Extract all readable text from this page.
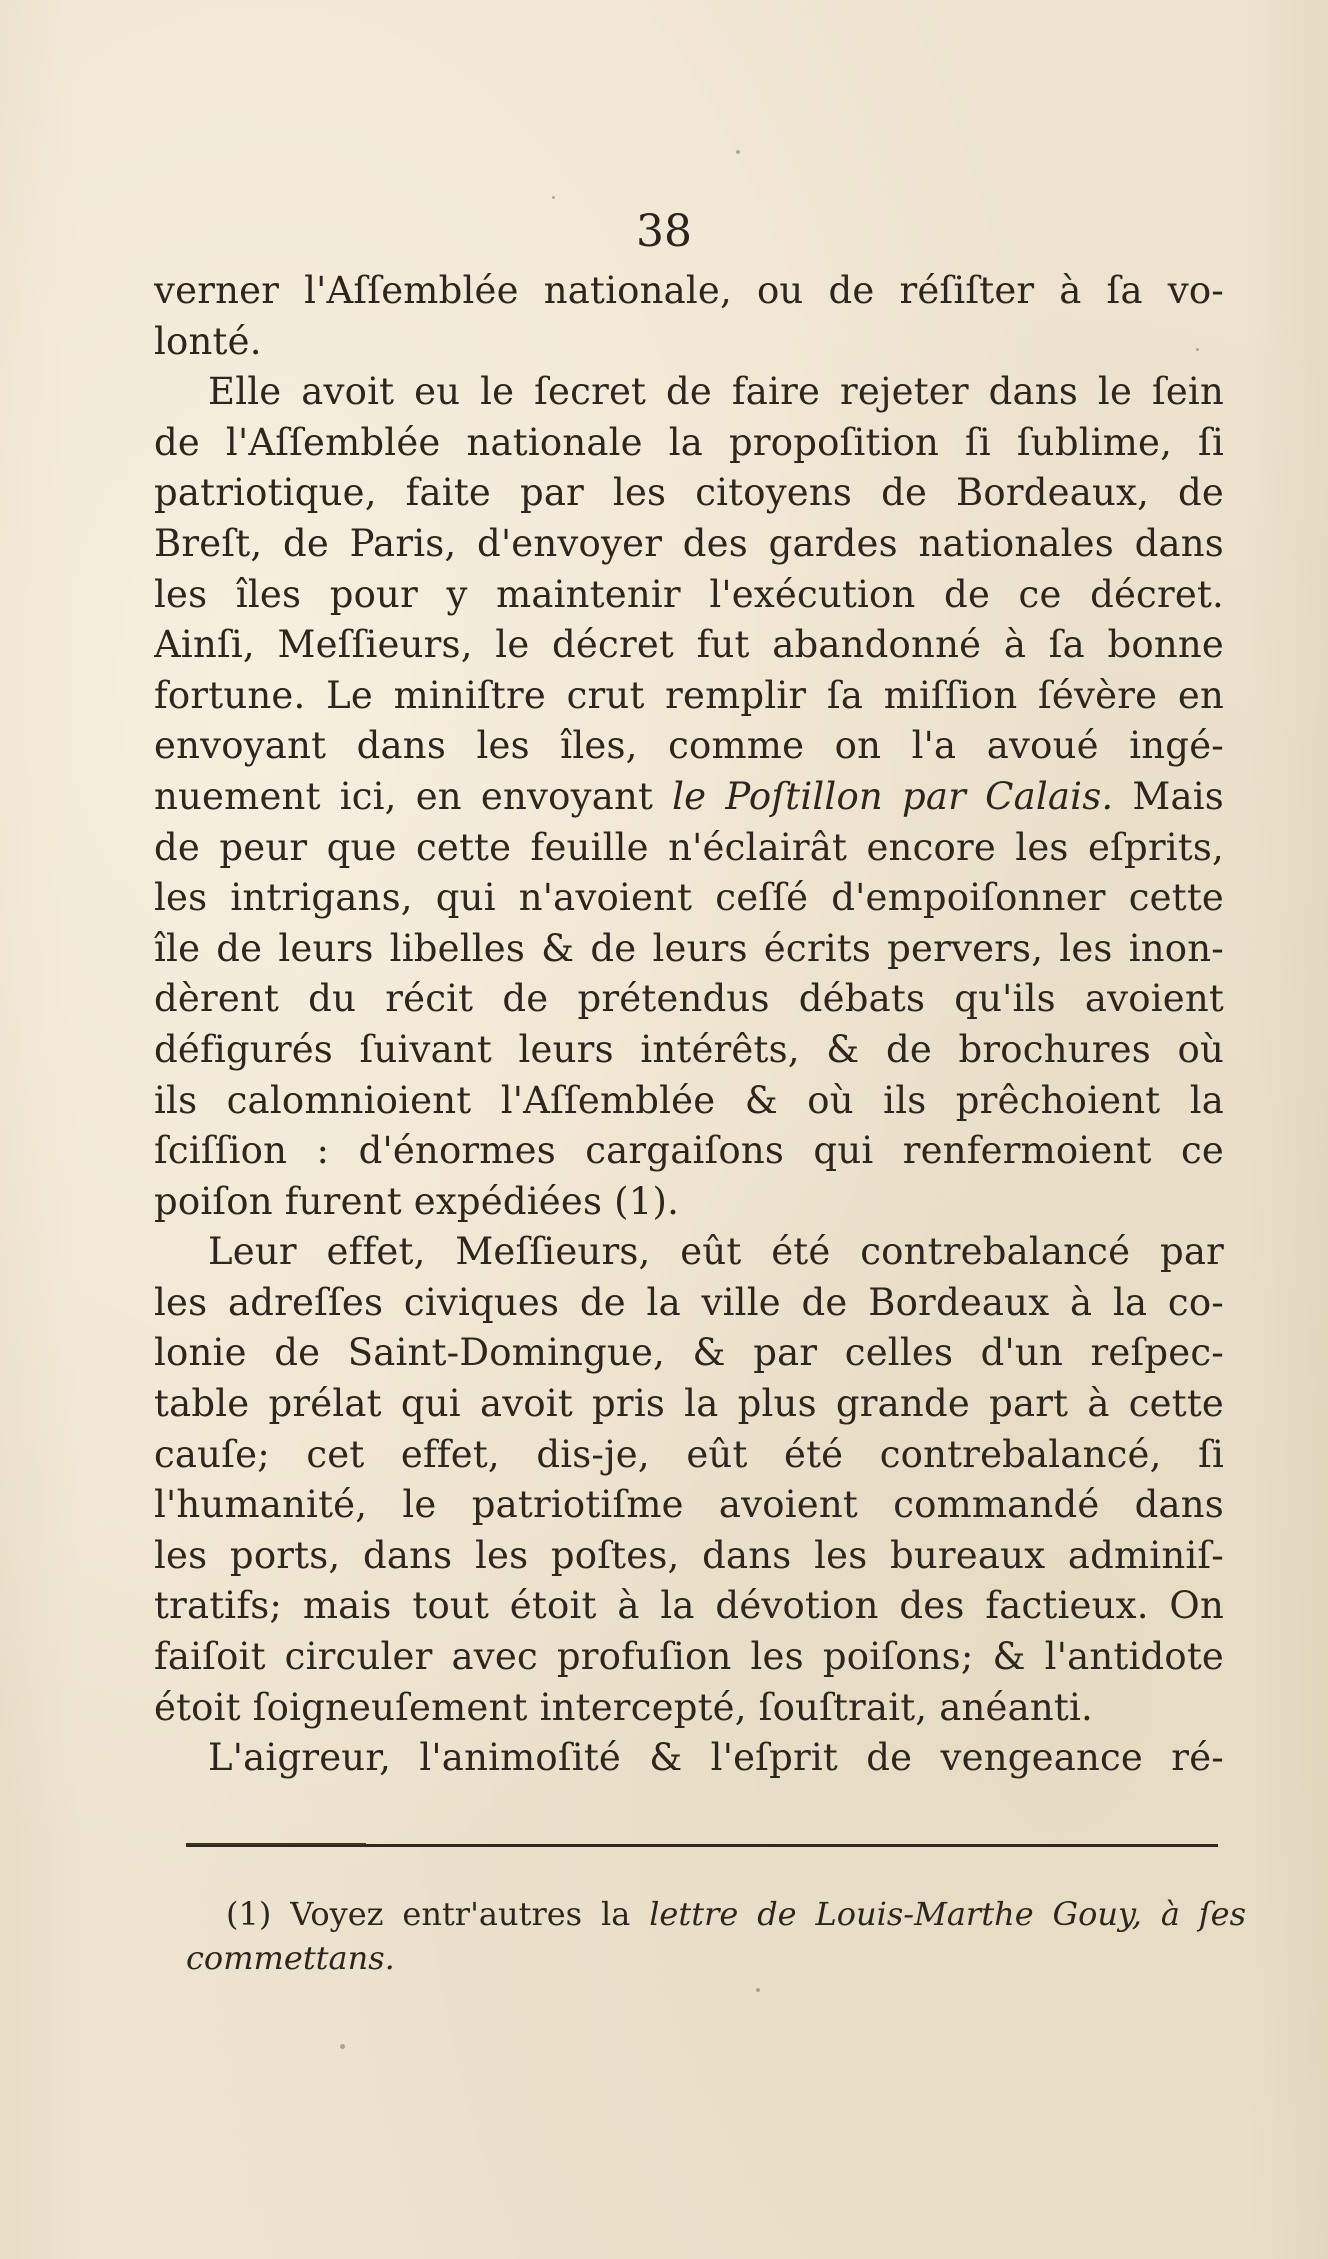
38
verner l'Aſſemblée nationale, ou de réſiſter à ſa vo-
lonté.
Elle avoit eu le ſecret de faire rejeter dans le ſein
de l'Aſſemblée nationale la propoſition ſi ſublime, ſi
patriotique, faite par les citoyens de Bordeaux, de
Breſt, de Paris, d'envoyer des gardes nationales dans
les îles pour y maintenir l'exécution de ce décret.
Ainſi, Meſſieurs, le décret fut abandonné à ſa bonne
fortune. Le miniſtre crut remplir ſa miſſion ſévère en
envoyant dans les îles, comme on l'a avoué ingé-
nuement ici, en envoyant le Poſtillon par Calais. Mais
de peur que cette feuille n'éclairât encore les eſprits,
les intrigans, qui n'avoient ceſſé d'empoiſonner cette
île de leurs libelles & de leurs écrits pervers, les inon-
dèrent du récit de prétendus débats qu'ils avoient
défigurés ſuivant leurs intérêts, & de brochures où
ils calomnioient l'Aſſemblée & où ils prêchoient la
ſciſſion : d'énormes cargaiſons qui renfermoient ce
poiſon furent expédiées (1).
Leur effet, Meſſieurs, eût été contrebalancé par
les adreſſes civiques de la ville de Bordeaux à la co-
lonie de Saint-Domingue, & par celles d'un reſpec-
table prélat qui avoit pris la plus grande part à cette
cauſe; cet effet, dis-je, eût été contrebalancé, ſi
l'humanité, le patriotiſme avoient commandé dans
les ports, dans les poſtes, dans les bureaux adminiſ-
tratifs; mais tout étoit à la dévotion des factieux. On
faiſoit circuler avec profuſion les poiſons; & l'antidote
étoit ſoigneuſement intercepté, ſouſtrait, anéanti.
L'aigreur, l'animoſité & l'eſprit de vengeance ré-
(1) Voyez entr'autres la lettre de Louis-Marthe Gouy, à ſes
commettans.
